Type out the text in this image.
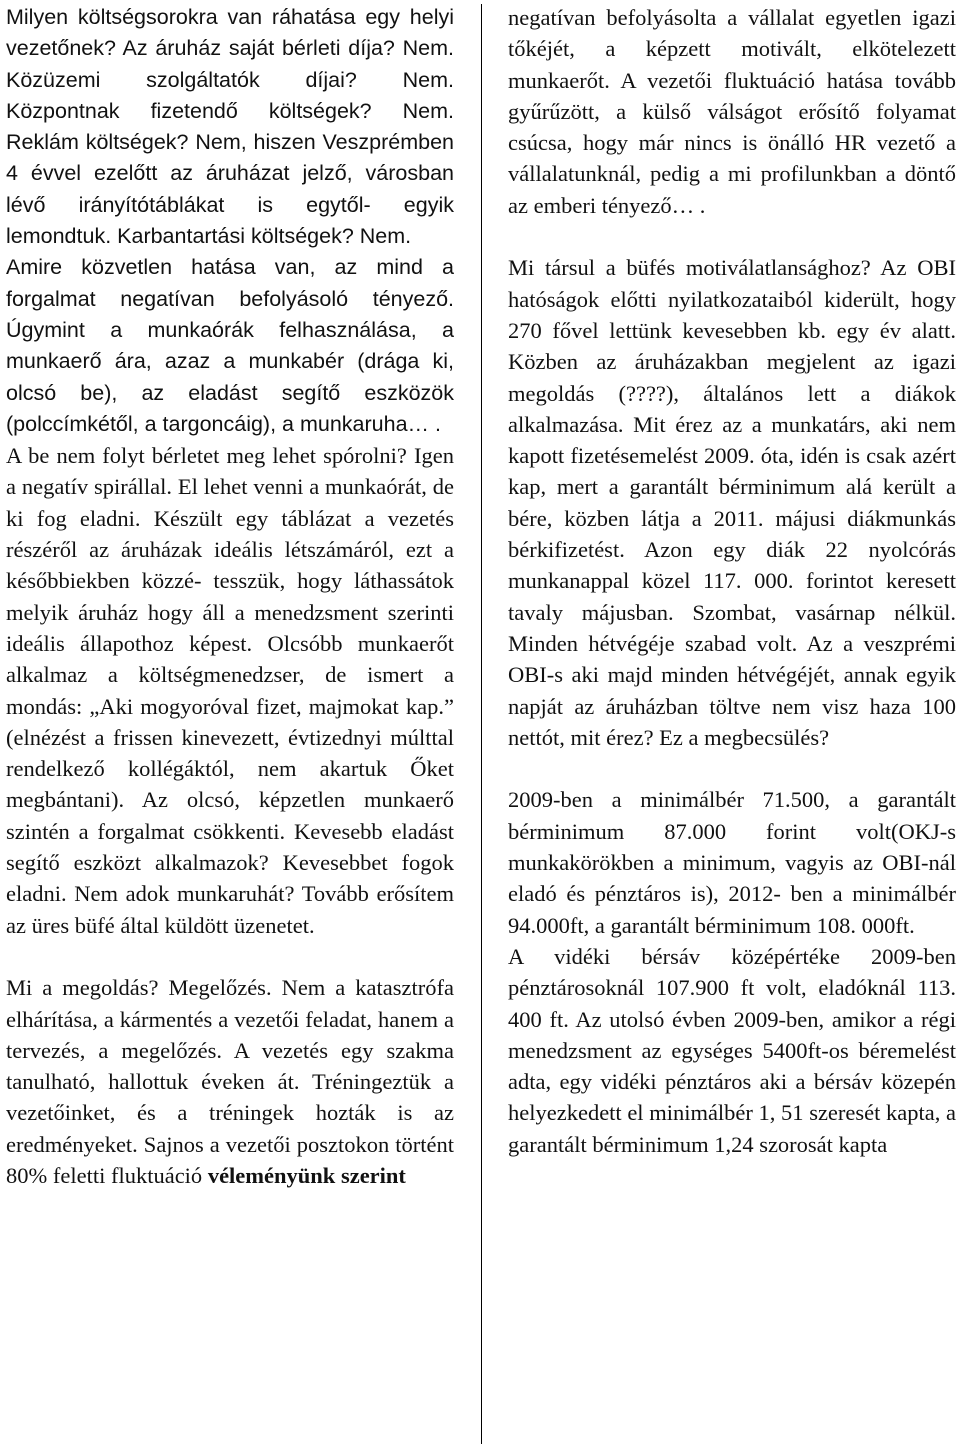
Milyen költségsorokra van ráhatása egy helyi vezetőnek? Az áruház saját bérleti díja? Nem. Közüzemi szolgáltatók díjai? Nem. Központnak fizetendő költségek? Nem. Reklám költségek? Nem, hiszen Veszprémben 4 évvel ezelőtt az áruházat jelző, városban lévő irányítótáblákat is egytől- egyik lemondtuk. Karbantartási költségek? Nem.

Amire közvetlen hatása van, az mind a forgalmat negatívan befolyásoló tényező. Úgymint a munkaórák felhasználása, a munkaerő ára, azaz a munkabér (drága ki, olcsó be), az eladást segítő eszközök (polccímkétől, a targoncáig), a munkaruha… .

A be nem folyt bérletet meg lehet spórolni? Igen a negatív spirállal. El lehet venni a munkaórát, de ki fog eladni. Készült egy táblázat a vezetés részéről az áruházak ideális létszámáról, ezt a későbbiekben közzé- tesszük, hogy láthassátok melyik áruház hogy áll a menedzsment szerinti ideális állapothoz képest. Olcsóbb munkaerőt alkalmaz a költségmenedzser, de ismert a mondás: „Aki mogyoróval fizet, majmokat kap.” (elnézést a frissen kinevezett, évtizednyi múlttal rendelkező kollégáktól, nem akartuk Őket megbántani). Az olcsó, képzetlen munkaerő szintén a forgalmat csökkenti. Kevesebb eladást segítő eszközt alkalmazok? Kevesebbet fogok eladni. Nem adok munkaruhát? Tovább erősítem az üres büfé által küldött üzenetet.

Mi a megoldás? Megelőzés. Nem a katasztrófa elhárítása, a kármentés a vezetői feladat, hanem a tervezés, a megelőzés. A vezetés egy szakma tanulható, hallottuk éveken át. Tréningeztük a vezetőinket, és a tréningek hozták is az eredményeket. Sajnos a vezetői posztokon történt 80% feletti fluktuáció véleményünk szerint

negatívan befolyásolta a vállalat egyetlen igazi tőkéjét, a képzett motivált, elkötelezett munkaerőt. A vezetői fluktuáció hatása tovább gyűrűzött, a külső válságot erősítő folyamat csúcsa, hogy már nincs is önálló HR vezető a vállalatunknál, pedig a mi profilunkban a döntő az emberi tényező… .

Mi társul a büfés motiválatlansághoz? Az OBI hatóságok előtti nyilatkozataiból kiderült, hogy 270 fővel lettünk kevesebben kb. egy év alatt. Közben az áruházakban megjelent az igazi megoldás (????), általános lett a diákok alkalmazása. Mit érez az a munkatárs, aki nem kapott fizetésemelést 2009. óta, idén is csak azért kap, mert a garantált bérminimum alá került a bére, közben látja a 2011. májusi diákmunkás bérkifizetést. Azon egy diák 22 nyolcórás munkanappal közel 117. 000. forintot keresett tavaly májusban. Szombat, vasárnap nélkül. Minden hétvégéje szabad volt. Az a veszprémi OBI-s aki majd minden hétvégéjét, annak egyik napját az áruházban töltve nem visz haza 100 nettót, mit érez? Ez a megbecsülés?

2009-ben a minimálbér 71.500, a garantált bérminimum 87.000 forint volt(OKJ-s munkakörökben a minimum, vagyis az OBI-nál eladó és pénztáros is), 2012- ben a minimálbér 94.000ft, a garantált bérminimum 108. 000ft.

A vidéki bérsáv középértéke 2009-ben pénztárosoknál 107.900 ft volt, eladóknál 113. 400 ft. Az utolsó évben 2009-ben, amikor a régi menedzsment az egységes 5400ft-os béremelést adta, egy vidéki pénztáros aki a bérsáv közepén helyezkedett el minimálbér 1, 51 szeresét kapta, a garantált bérminimum 1,24 szorosát kapta
